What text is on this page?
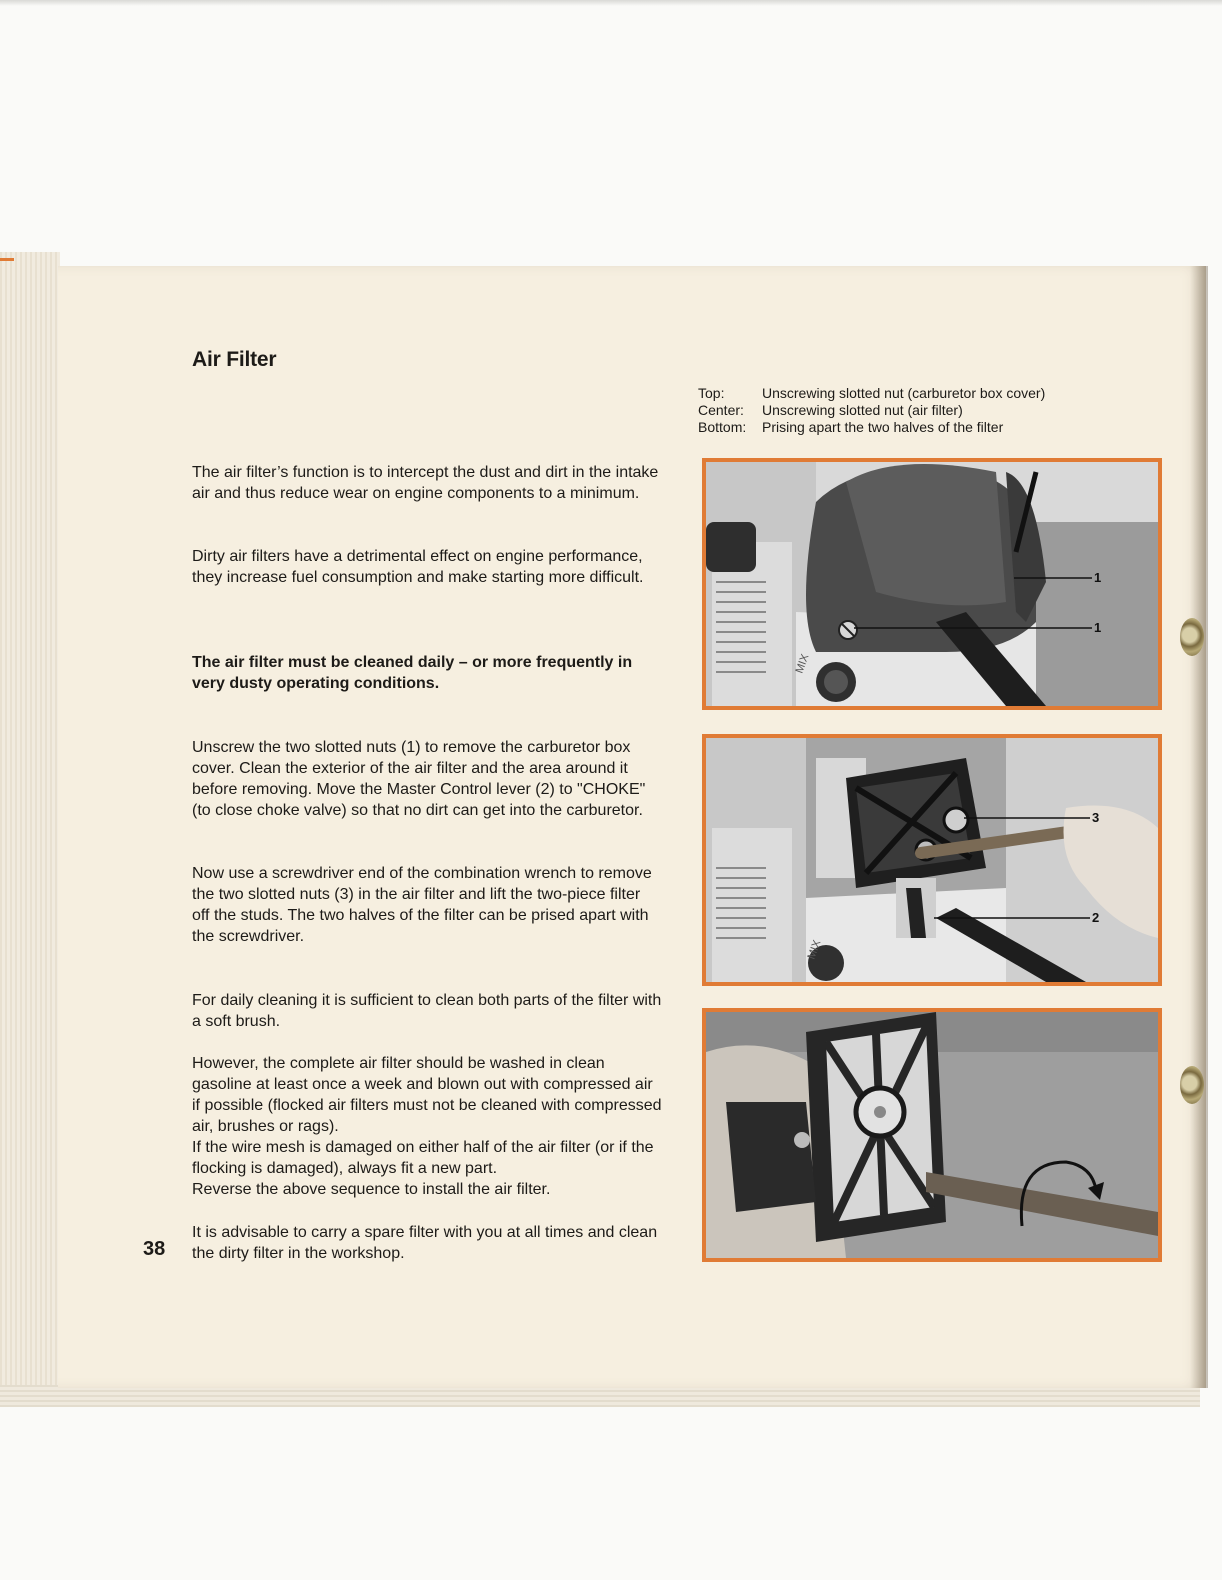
Air Filter
Top:	Unscrewing slotted nut (carburetor box cover)
Center:	Unscrewing slotted nut (air filter)
Bottom:	Prising apart the two halves of the filter

The air filter’s function is to intercept the dust and dirt in the intake air and thus reduce wear on engine components to a minimum.

Dirty air filters have a detrimental effect on engine performance, they increase fuel consumption and make starting more difficult.

The air filter must be cleaned daily – or more frequently in very dusty operating conditions.

Unscrew the two slotted nuts (1) to remove the carburetor box cover. Clean the exterior of the air filter and the area around it before removing. Move the Master Control lever (2) to "CHOKE" (to close choke valve) so that no dirt can get into the carburetor.

Now use a screwdriver end of the combination wrench to remove the two slotted nuts (3) in the air filter and lift the two-piece filter off the studs. The two halves of the filter can be prised apart with the screwdriver.

For daily cleaning it is sufficient to clean both parts of the filter with a soft brush.

However, the complete air filter should be washed in clean gasoline at least once a week and blown out with compressed air if possible (flocked air filters must not be cleaned with compressed air, brushes or rags).

If the wire mesh is damaged on either half of the air filter (or if the flocking is damaged), always fit a new part.

Reverse the above sequence to install the air filter.

It is advisable to carry a spare filter with you at all times and clean the dirty filter in the workshop.

38
MIX
1
1
MIX
3
2
